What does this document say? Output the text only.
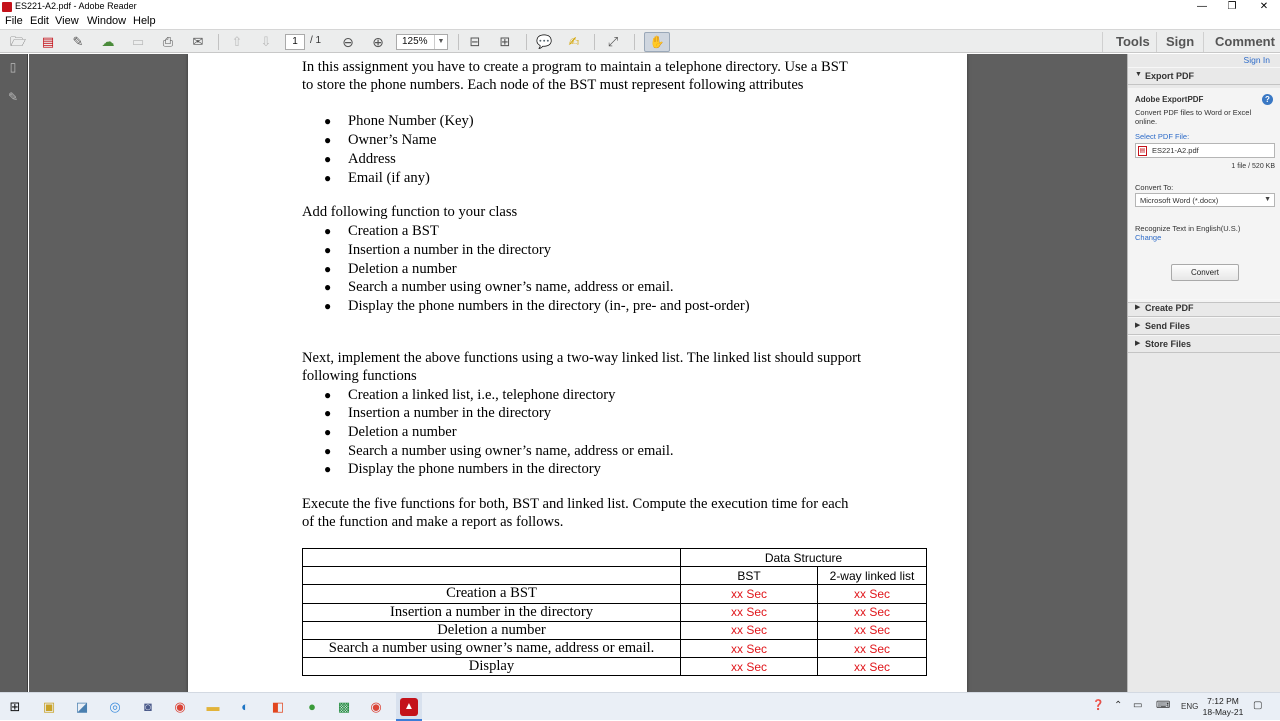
ES221-A2.pdf - Adobe Reader	—	❐	✕
File Edit View Window Help
🗁 ▤ ✎ ☁ ▭ ⎙ ✉ ⇧ ⇩	1	/ 1 ⊖ ⊕	125%	▼ ⊟ ⊞ 💬 ✍ ⤢	✋	Tools Sign Comment
▯
✎
In this assignment you have to create a program to maintain a telephone directory. Use a BST to store the phone numbers. Each node of the BST must represent following attributes
● Phone Number (Key)
● Owner’s Name
● Address
● Email (if any)
Add following function to your class
● Creation a BST
● Insertion a number in the directory
● Deletion a number
● Search a number using owner’s name, address or email.
● Display the phone numbers in the directory (in-, pre- and post-order)
Next, implement the above functions using a two-way linked list. The linked list should support following functions
● Creation a linked list, i.e., telephone directory
● Insertion a number in the directory
● Deletion a number
● Search a number using owner’s name, address or email.
● Display the phone numbers in the directory
Execute the five functions for both, BST and linked list. Compute the execution time for each of the function and make a report as follows.
	Data Structure	
	BST	2-way linked list
Creation a BST	xx Sec	xx Sec
Insertion a number in the directory	xx Sec	xx Sec
Deletion a number	xx Sec	xx Sec
Search a number using owner’s name, address or email.	xx Sec	xx Sec
Display	xx Sec	xx Sec
Sign In
▼ Export PDF
Adobe ExportPDF	?
Convert PDF files to Word or Excel online.
Select PDF File:
▤ ES221-A2.pdf
1 file / 520 KB
Convert To:
Microsoft Word (*.docx)	▼
Recognize Text in English(U.S.)
Change
Convert
▶ Create PDF
▶ Send Files
▶ Store Files
⊞ ▣ ◪ ◎	◙	◉ ▬	◐	◧	●	▩ ◉	▲	❓ ⌃ ▭ ⌨ ENG
7:12 PM
18-May-21
▢
